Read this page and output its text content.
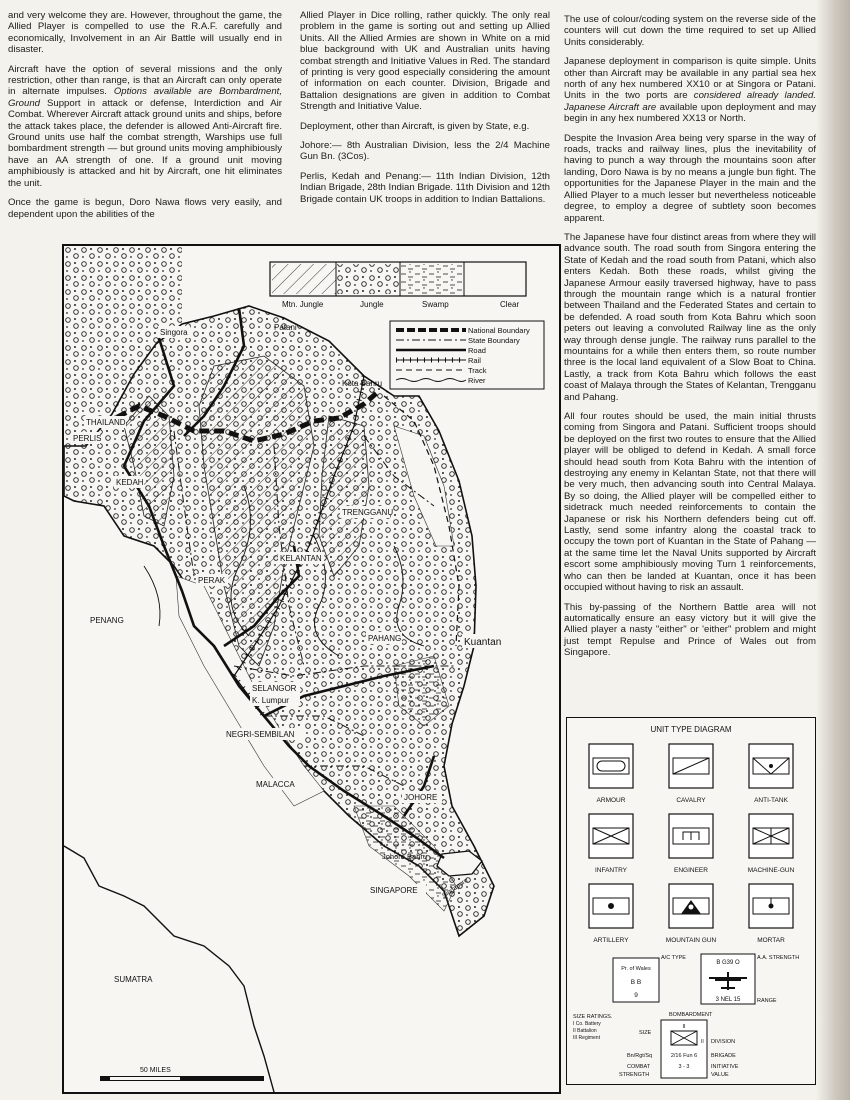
and very welcome they are. However, throughout the game, the Allied Player is compelled to use the R.A.F. carefully and economically, Involvement in an Air Battle will usually end in disaster.

Aircraft have the option of several missions and the only restriction, other than range, is that an Aircraft can only operate in alternate impulses. Options available are Bombardment, Ground Support in attack or defense, Interdiction and Air Combat. Wherever Aircraft attack ground units and ships, before the attack takes place, the defender is allowed Anti-Aircraft fire. Ground units use half the combat strength, Warships use full bombardment strength — but ground units moving amphibiously have an AA strength of one. If a ground unit moving amphibiously is attacked and hit by Aircraft, one hit eliminates the unit.

Once the game is begun, Doro Nawa flows very easily, and dependent upon the abilities of the

Allied Player in Dice rolling, rather quickly. The only real problem in the game is sorting out and setting up Allied Units. All the Allied Armies are shown in White on a mid blue background with UK and Australian units having combat strength and Initiative Values in Red. The standard of printing is very good especially considering the amount of information on each counter. Division, Brigade and Battalion designations are given in addition to Combat Strength and Initiative Value.

Deployment, other than Aircraft, is given by State, e.g.

Johore:— 8th Australian Division, less the 2/4 Machine Gun Bn. (3Cos).

Perlis, Kedah and Penang:— 11th Indian Division, 12th Indian Brigade, 28th Indian Brigade. 11th Division and 12th Brigade contain UK troops in addition to Indian Battalions.

The use of colour/coding system on the reverse side of the counters will cut down the time required to set up Allied Units considerably.

Japanese deployment in comparison is quite simple. Units other than Aircraft may be available in any partial sea hex north of any hex numbered XX10 or at Singora or Patani. Units in the two ports are considered already landed. Japanese Aircraft are available upon deployment and may begin in any hex numbered XX13 or North.

Despite the Invasion Area being very sparse in the way of roads, tracks and railway lines, plus the inevitability of having to punch a way through the mountains soon after landing, Doro Nawa is by no means a jungle bun fight. The opportunities for the Japanese Player in the main and the Allied Player to a much lesser but nevertheless noticeable degree, to employ a degree of subtlety soon becomes apparent.

The Japanese have four distinct areas from where they will advance south. The road south from Singora entering the State of Kedah and the road south from Patani, which also enters Kedah. Both these roads, whilst giving the Japanese Armour easily traversed highway, have to pass through the mountain range which is a natural frontier between Thailand and the Federated States and certain to be defended. A road south from Kota Bahru which soon peters out leaving a convoluted Railway line as the only way through dense jungle. The railway runs parallel to the mountains for a while then enters them, so route number three is the local land equivalent of a Slow Boat to China. Lastly, a track from Kota Bahru which follows the east coast of Malaya through the States of Kelantan, Trengganu and Pahang.

All four routes should be used, the main initial thrusts coming from Singora and Patani. Sufficient troops should be deployed on the first two routes to ensure that the Allied player will be obliged to defend in Kedah. A small force should head south from Kota Bahru with the intention of destroying any enemy in Kelantan State, not that there will be very much, then advancing south into Central Malaya. By so doing, the Allied player will be compelled either to sidetrack much needed reinforcements to contain the Japanese or risk his Northern defenders being cut off. Lastly, send some infantry along the coastal track to occupy the town port of Kuantan in the State of Pahang — at the same time let the Naval Units supported by Aircraft escort some amphibiously moving Turn 1 reinforcements, who can then be landed at Kuantan, once it has been occupied without having to risk an assault.

This by-passing of the Northern Battle area will not automatically ensure an easy victory but it will give the Allied player a nasty "either" or 'either" problem and might just tempt Repulse and Prince of Wales out from Singapore.

Mtn. Jungle	Jungle	Swamp	Clear
National Boundary
State Boundary
Road
Rail
Track
River
Singora
Patani
Kota Bahru
THAILAND
PERLIS
KEDAH
TRENGGANU
KELANTAN
PERAK
PENANG
PAHANG	Kuantan
SELANGOR
K. Lumpur
NEGRI-SEMBILAN
MALACCA
JOHORE
Johore Bahru
SINGAPORE	Singapore
SUMATRA
50 MILES
UNIT TYPE DIAGRAM
ARMOUR	CAVALRY	ANTI-TANK
INFANTRY	ENGINEER	MACHINE-GUN
ARTILLERY	MOUNTAIN GUN	MORTAR
Pr. of Wales
B B
9
A/C TYPE	A.A. STRENGTH
B G39 O
3 NEL 15	RANGE
BOMBARDMENT
SIZE RATINGS.
I Co. Battery
II Battalion
III Regiment
SIZE
II
II DIVISION
Bn/Rgt/Sq	2/16 Fun 6	BRIGADE
3 - 3
COMBAT
STRENGTH
INITIATIVE
VALUE
